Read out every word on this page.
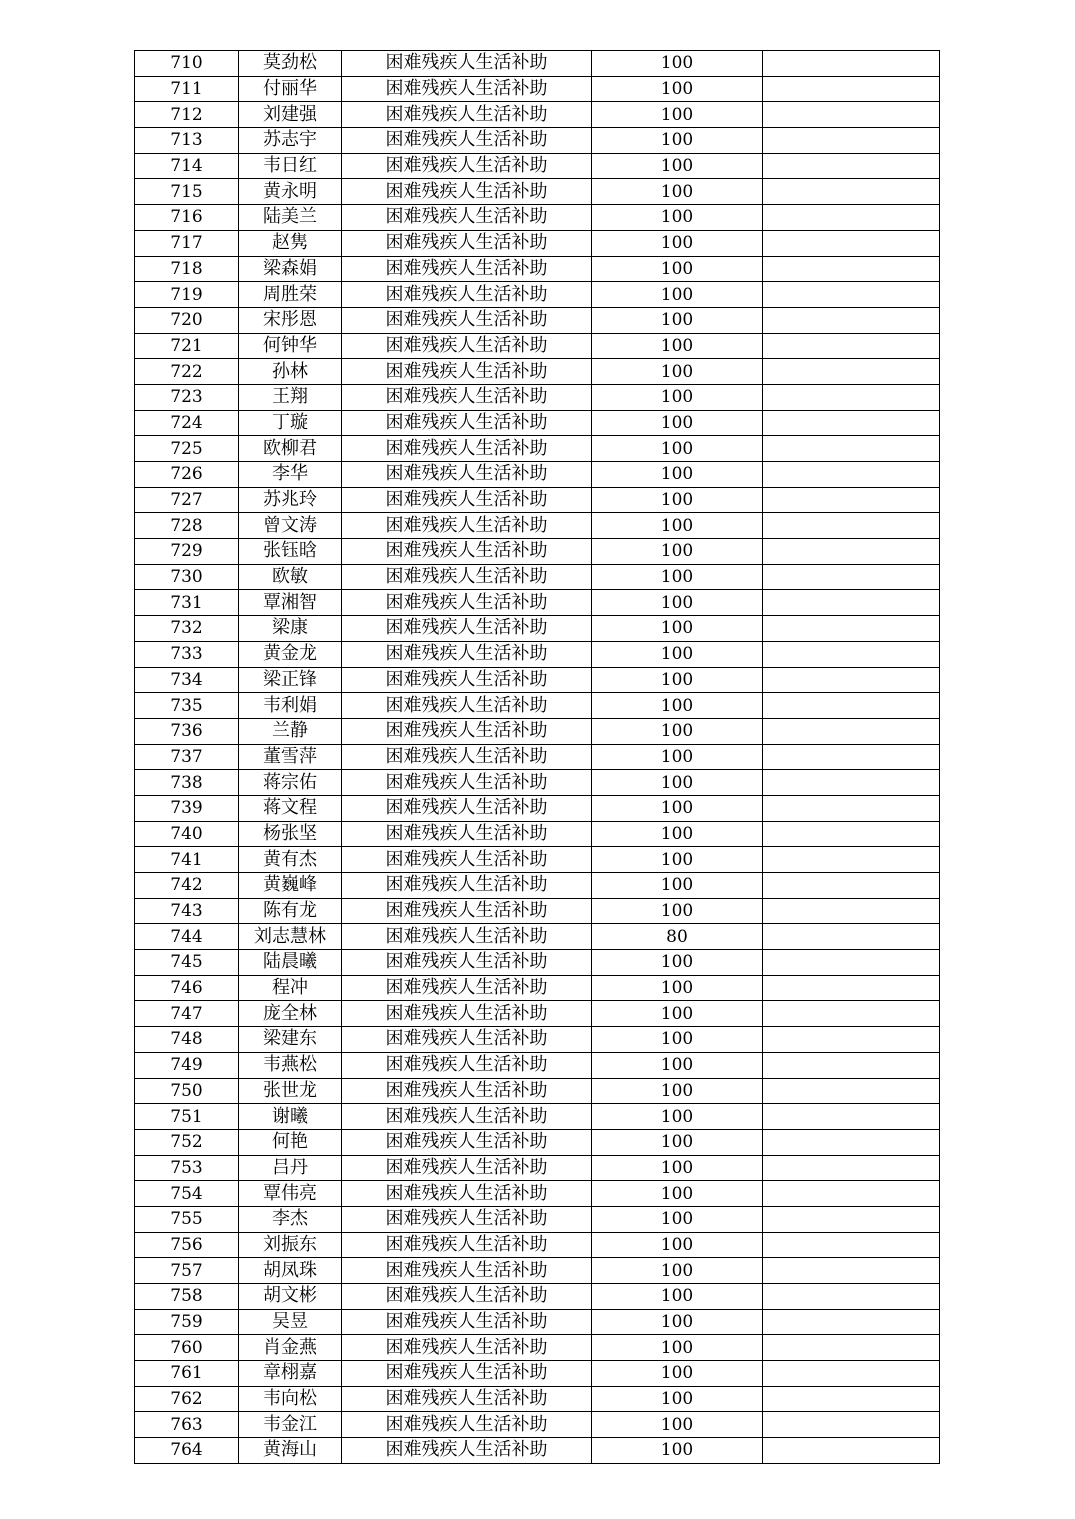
710	莫劲松	困难残疾人生活补助	100	
711	付丽华	困难残疾人生活补助	100	
712	刘建强	困难残疾人生活补助	100	
713	苏志宇	困难残疾人生活补助	100	
714	韦日红	困难残疾人生活补助	100	
715	黄永明	困难残疾人生活补助	100	
716	陆美兰	困难残疾人生活补助	100	
717	赵隽	困难残疾人生活补助	100	
718	梁森娟	困难残疾人生活补助	100	
719	周胜荣	困难残疾人生活补助	100	
720	宋彤恩	困难残疾人生活补助	100	
721	何钟华	困难残疾人生活补助	100	
722	孙林	困难残疾人生活补助	100	
723	王翔	困难残疾人生活补助	100	
724	丁璇	困难残疾人生活补助	100	
725	欧柳君	困难残疾人生活补助	100	
726	李华	困难残疾人生活补助	100	
727	苏兆玲	困难残疾人生活补助	100	
728	曾文涛	困难残疾人生活补助	100	
729	张钰晗	困难残疾人生活补助	100	
730	欧敏	困难残疾人生活补助	100	
731	覃湘智	困难残疾人生活补助	100	
732	梁康	困难残疾人生活补助	100	
733	黄金龙	困难残疾人生活补助	100	
734	梁正锋	困难残疾人生活补助	100	
735	韦利娟	困难残疾人生活补助	100	
736	兰静	困难残疾人生活补助	100	
737	董雪萍	困难残疾人生活补助	100	
738	蒋宗佑	困难残疾人生活补助	100	
739	蒋文程	困难残疾人生活补助	100	
740	杨张坚	困难残疾人生活补助	100	
741	黄有杰	困难残疾人生活补助	100	
742	黄巍峰	困难残疾人生活补助	100	
743	陈有龙	困难残疾人生活补助	100	
744	刘志慧林	困难残疾人生活补助	80	
745	陆晨曦	困难残疾人生活补助	100	
746	程冲	困难残疾人生活补助	100	
747	庞全林	困难残疾人生活补助	100	
748	梁建东	困难残疾人生活补助	100	
749	韦燕松	困难残疾人生活补助	100	
750	张世龙	困难残疾人生活补助	100	
751	谢曦	困难残疾人生活补助	100	
752	何艳	困难残疾人生活补助	100	
753	吕丹	困难残疾人生活补助	100	
754	覃伟亮	困难残疾人生活补助	100	
755	李杰	困难残疾人生活补助	100	
756	刘振东	困难残疾人生活补助	100	
757	胡凤珠	困难残疾人生活补助	100	
758	胡文彬	困难残疾人生活补助	100	
759	吴昱	困难残疾人生活补助	100	
760	肖金燕	困难残疾人生活补助	100	
761	章栩嘉	困难残疾人生活补助	100	
762	韦向松	困难残疾人生活补助	100	
763	韦金江	困难残疾人生活补助	100	
764	黄海山	困难残疾人生活补助	100	
